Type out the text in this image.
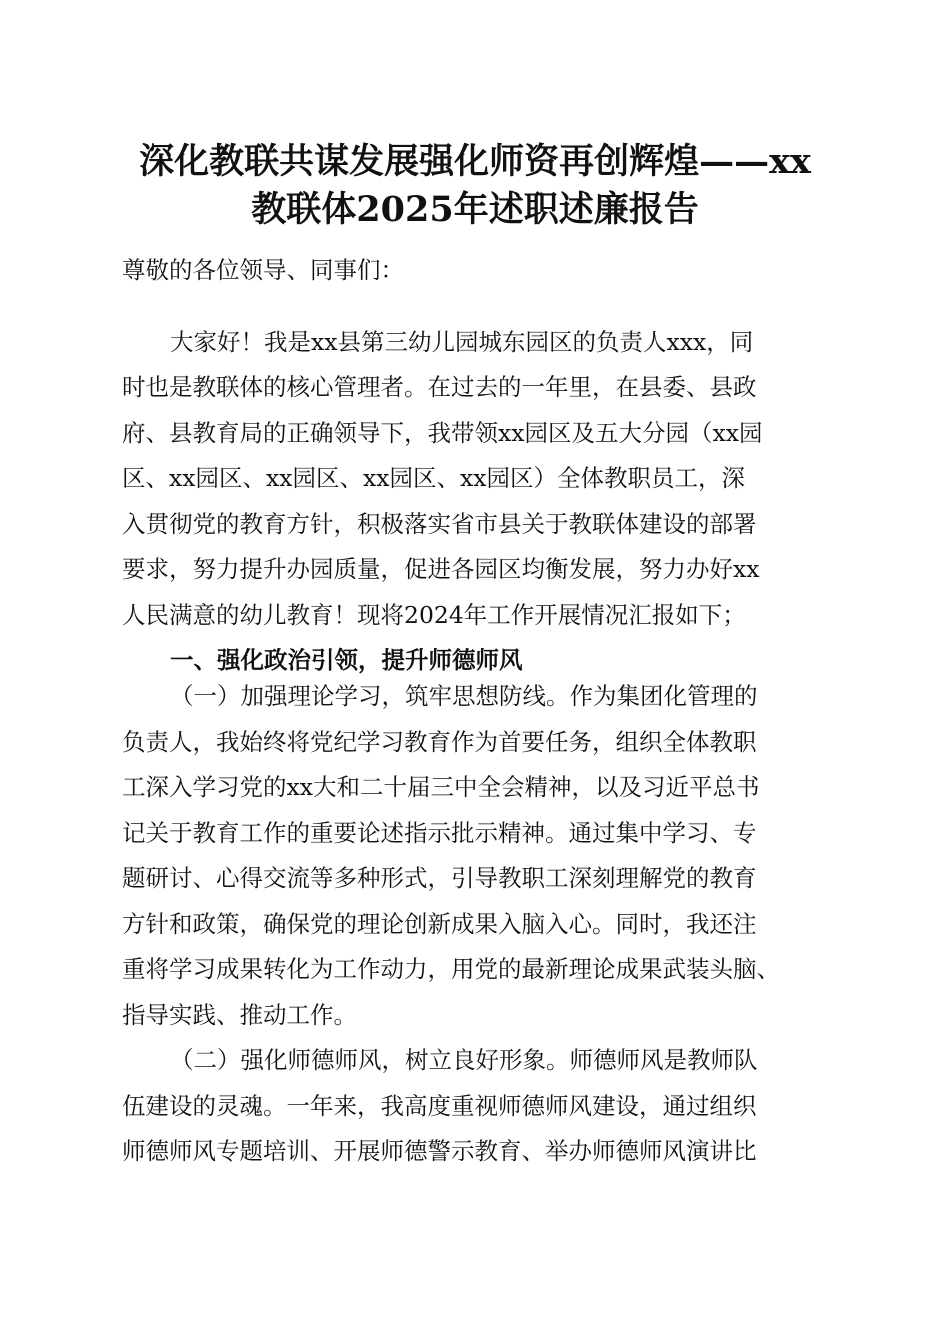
深化教联共谋发展强化师资再创辉煌——xx
教联体2025年述职述廉报告
尊敬的各位领导、同事们：
大家好！我是xx县第三幼儿园城东园区的负责人xxx，同
时也是教联体的核心管理者。在过去的一年里，在县委、县政
府、县教育局的正确领导下，我带领xx园区及五大分园（xx园
区、xx园区、xx园区、xx园区、xx园区）全体教职员工，深
入贯彻党的教育方针，积极落实省市县关于教联体建设的部署
要求，努力提升办园质量，促进各园区均衡发展，努力办好xx
人民满意的幼儿教育！现将2024年工作开展情况汇报如下；
一、强化政治引领，提升师德师风
（一）加强理论学习，筑牢思想防线。作为集团化管理的
负责人，我始终将党纪学习教育作为首要任务，组织全体教职
工深入学习党的xx大和二十届三中全会精神，以及习近平总书
记关于教育工作的重要论述指示批示精神。通过集中学习、专
题研讨、心得交流等多种形式，引导教职工深刻理解党的教育
方针和政策，确保党的理论创新成果入脑入心。同时，我还注
重将学习成果转化为工作动力，用党的最新理论成果武装头脑、
指导实践、推动工作。
（二）强化师德师风，树立良好形象。师德师风是教师队
伍建设的灵魂。一年来，我高度重视师德师风建设，通过组织
师德师风专题培训、开展师德警示教育、举办师德师风演讲比
